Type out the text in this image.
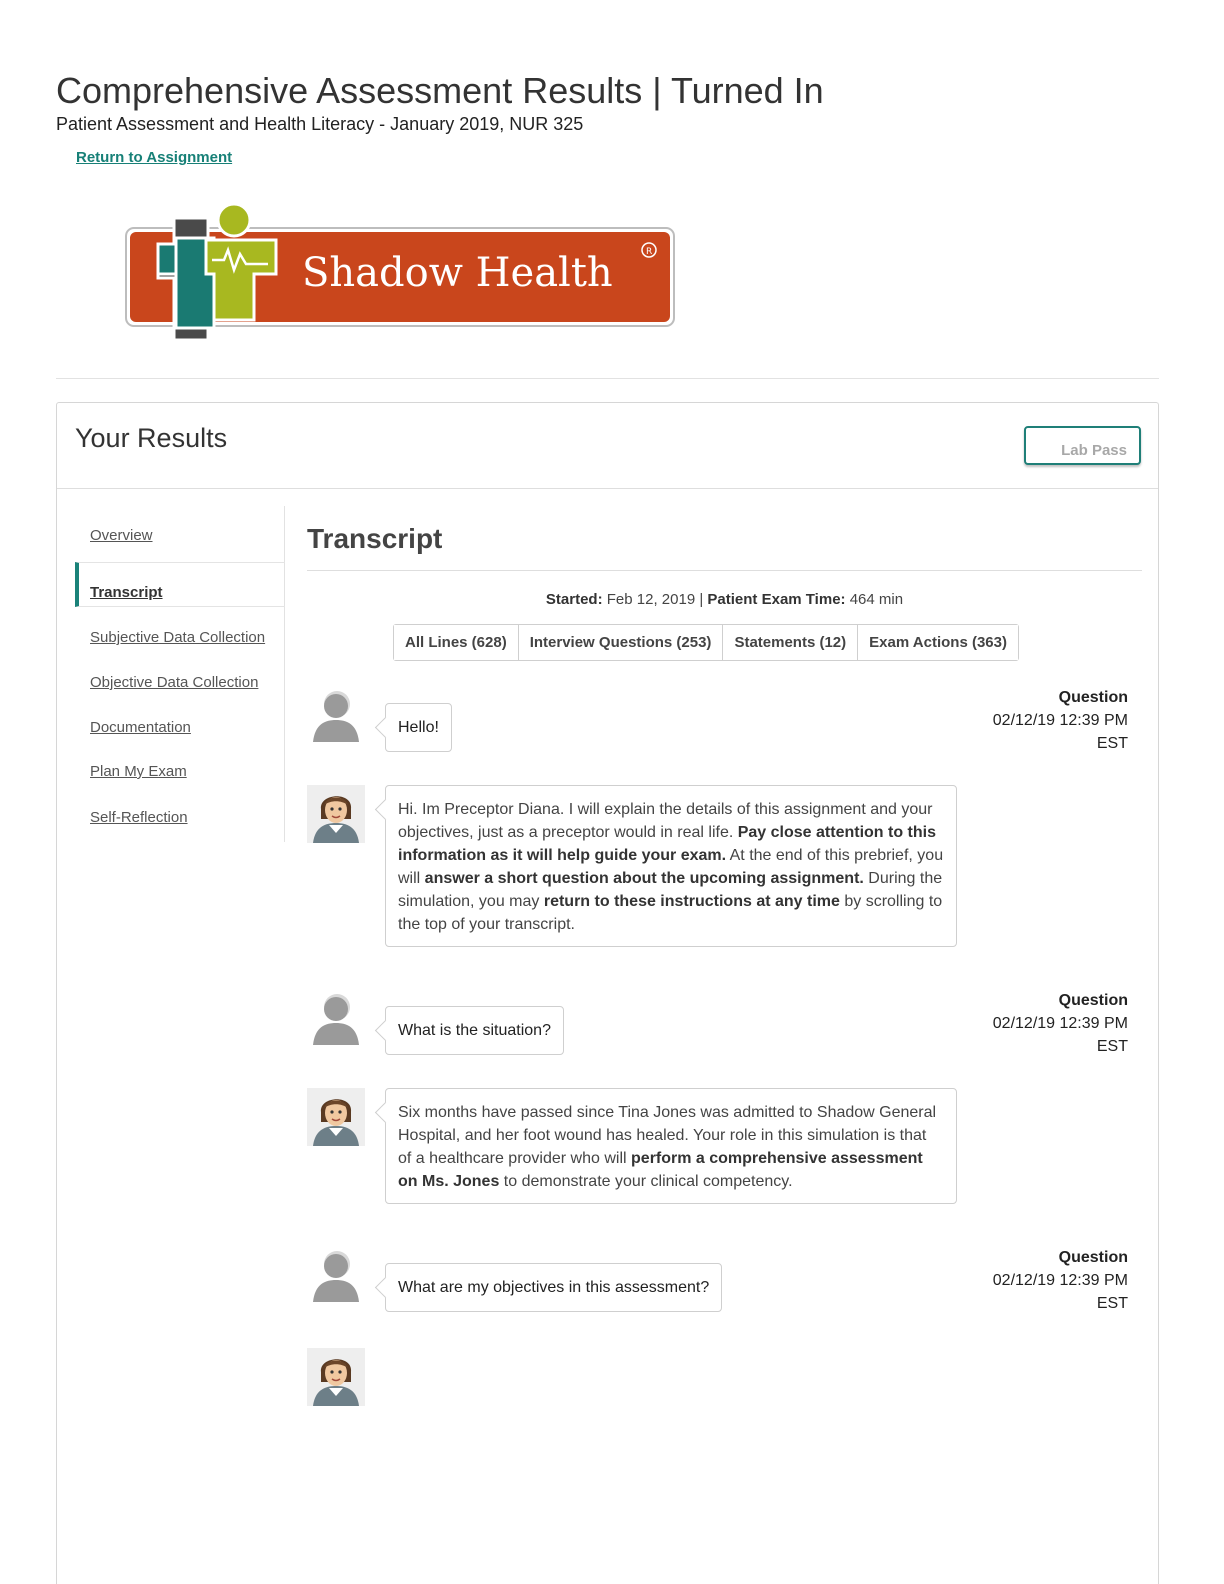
Comprehensive Assessment Results | Turned In
Patient Assessment and Health Literacy - January 2019, NUR 325
Return to Assignment
Shadow Health	R
Your Results	Lab Pass
Overview
Transcript
Subjective Data Collection
Objective Data Collection
Documentation
Plan My Exam
Self-Reflection
Transcript
Started: Feb 12, 2019 | Patient Exam Time: 464 min
All Lines (628)	Interview Questions (253)	Statements (12)	Exam Actions (363)
Hello!
Question
02/12/19 12:39 PM
EST
Hi. Im Preceptor Diana. I will explain the details of this assignment and your objectives, just as a preceptor would in real life. Pay close attention to this information as it will help guide your exam. At the end of this prebrief, you will answer a short question about the upcoming assignment. During the simulation, you may return to these instructions at any time by scrolling to the top of your transcript.
What is the situation?
Question
02/12/19 12:39 PM
EST
Six months have passed since Tina Jones was admitted to Shadow General Hospital, and her foot wound has healed. Your role in this simulation is that of a healthcare provider who will perform a comprehensive assessment on Ms. Jones to demonstrate your clinical competency.
What are my objectives in this assessment?
Question
02/12/19 12:39 PM
EST
